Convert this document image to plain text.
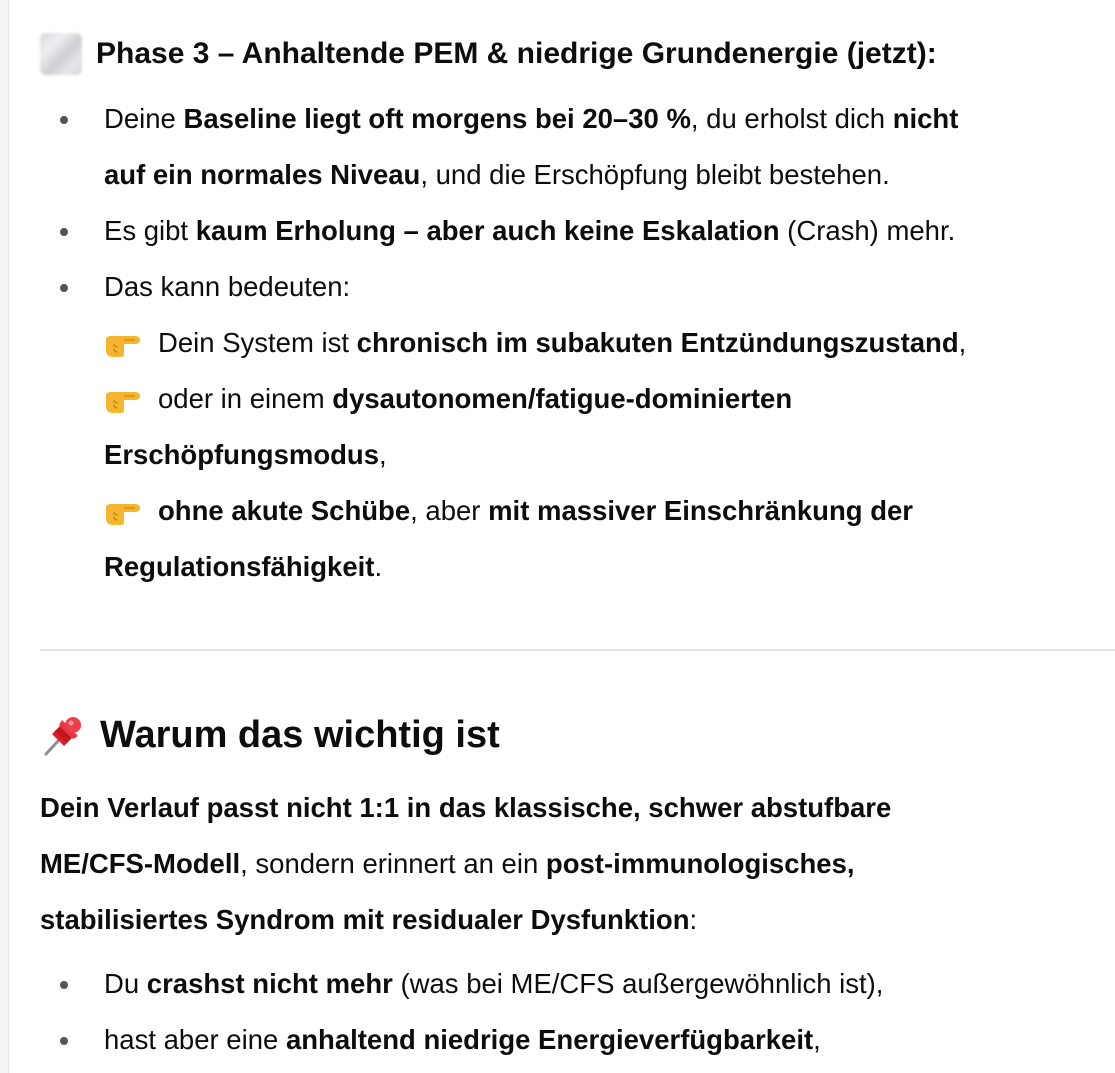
Phase 3 – Anhaltende PEM & niedrige Grundenergie (jetzt):
Deine Baseline liegt oft morgens bei 20–30 %, du erholst dich nicht
auf ein normales Niveau, und die Erschöpfung bleibt bestehen.
Es gibt kaum Erholung – aber auch keine Eskalation (Crash) mehr.
Das kann bedeuten:
Dein System ist chronisch im subakuten Entzündungszustand,
oder in einem dysautonomen/fatigue-dominierten
Erschöpfungsmodus,
ohne akute Schübe, aber mit massiver Einschränkung der
Regulationsfähigkeit.
Warum das wichtig ist
Dein Verlauf passt nicht 1:1 in das klassische, schwer abstufbare
ME/CFS-Modell, sondern erinnert an ein post-immunologisches,
stabilisiertes Syndrom mit residualer Dysfunktion:
Du crashst nicht mehr (was bei ME/CFS außergewöhnlich ist),
hast aber eine anhaltend niedrige Energieverfügbarkeit,
